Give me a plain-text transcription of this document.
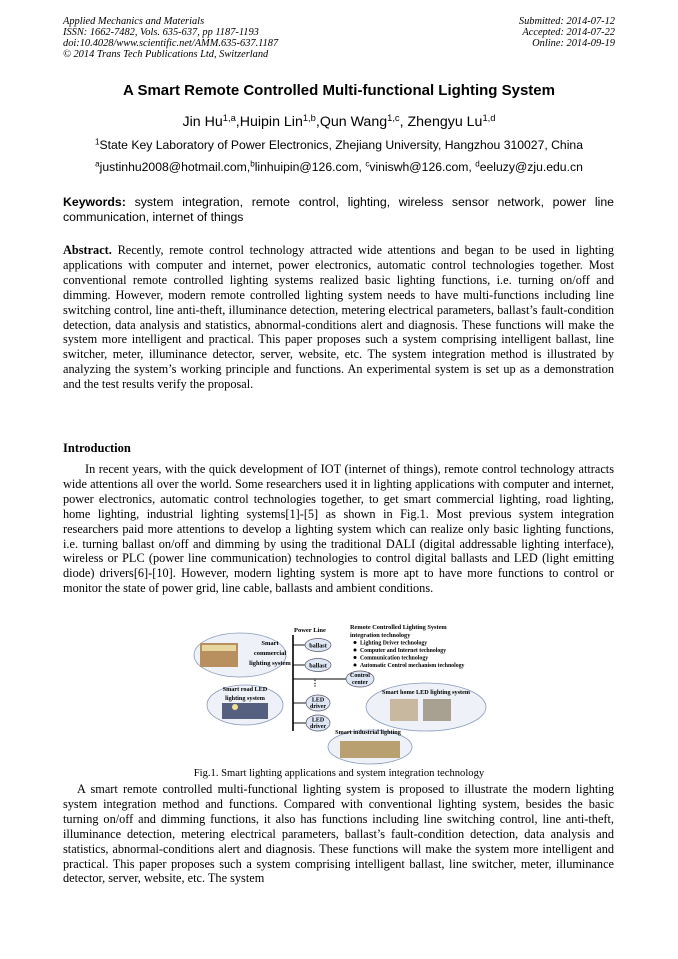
Applied Mechanics and Materials
ISSN: 1662-7482, Vols. 635-637, pp 1187-1193
doi:10.4028/www.scientific.net/AMM.635-637.1187
© 2014 Trans Tech Publications Ltd, Switzerland
Submitted: 2014-07-12
Accepted: 2014-07-22
Online: 2014-09-19
A Smart Remote Controlled Multi-functional Lighting System
Jin Hu$^{1,a}$,Huipin Lin$^{1,b}$,Qun Wang$^{1,c}$, Zhengyu Lu$^{1,d}$
$^1$State Key Laboratory of Power Electronics, Zhejiang University, Hangzhou 310027, China
$^a$justinhu2008@hotmail.com,$^b$linhuipin@126.com, $^c$viniswh@126.com, $^d$eeluzy@zju.edu.cn
Keywords: system integration, remote control, lighting, wireless sensor network, power line communication, internet of things
Abstract. Recently, remote control technology attracted wide attentions and began to be used in lighting applications with computer and internet, power electronics, automatic control technologies together. Most conventional remote controlled lighting systems realized basic lighting functions, i.e. turning on/off and dimming. However, modern remote controlled lighting system needs to have multi-functions including line switching control, line anti-theft, illuminance detection, metering electrical parameters, ballast’s fault-condition detection, data analysis and statistics, abnormal-conditions alert and diagnosis. These functions will make the system more intelligent and practical. This paper proposes such a system comprising intelligent ballast, line switcher, meter, illuminance detector, server, website, etc. The system integration method is illustrated by analyzing the system’s working principle and functions. An experimental system is set up as a demonstration and the test results verify the proposal.
Introduction
In recent years, with the quick development of IOT (internet of things), remote control technology attracts wide attentions all over the world. Some researchers used it in lighting applications with computer and internet, power electronics, automatic control technologies together, to get smart commercial lighting, road lighting, home lighting, industrial lighting systems[1]-[5] as shown in Fig.1. Most previous system integration researchers paid more attentions to develop a lighting system which can realize only basic lighting functions, i.e. turning ballast on/off and dimming by using the traditional DALI (digital addressable lighting interface), wireless or PLC (power line communication) technologies to control digital ballasts and LED (light emitting diode) drivers[6]-[10]. However, modern lighting system is more apt to have more functions to control or monitor the state of power grid, line cable, ballasts and ambient conditions.
Smart
commercial
lighting system
Smart road LED
lighting system
Power Line
ballast
ballast
⋮
LED
driver
LED
driver
Control
center
Remote Controlled Lighting System
integration technology
Lighting Driver technology
Computer and Internet technology
Communication technology
Automatic Control mechanism technology
Smart home LED lighting system
Smart industrial lighting
Fig.1. Smart lighting applications and system integration technology
A smart remote controlled multi-functional lighting system is proposed to illustrate the modern lighting system integration method and functions. Compared with conventional lighting system, besides the basic turning on/off and dimming functions, it also has functions including line switching control, line anti-theft, illuminance detection, metering electrical parameters, ballast’s fault-condition detection, data analysis and statistics, abnormal-conditions alert and diagnosis. These functions will make the system more intelligent and practical. This paper proposes such a system comprising intelligent ballast, line switcher, meter, illuminance detector, server, website, etc. The system
